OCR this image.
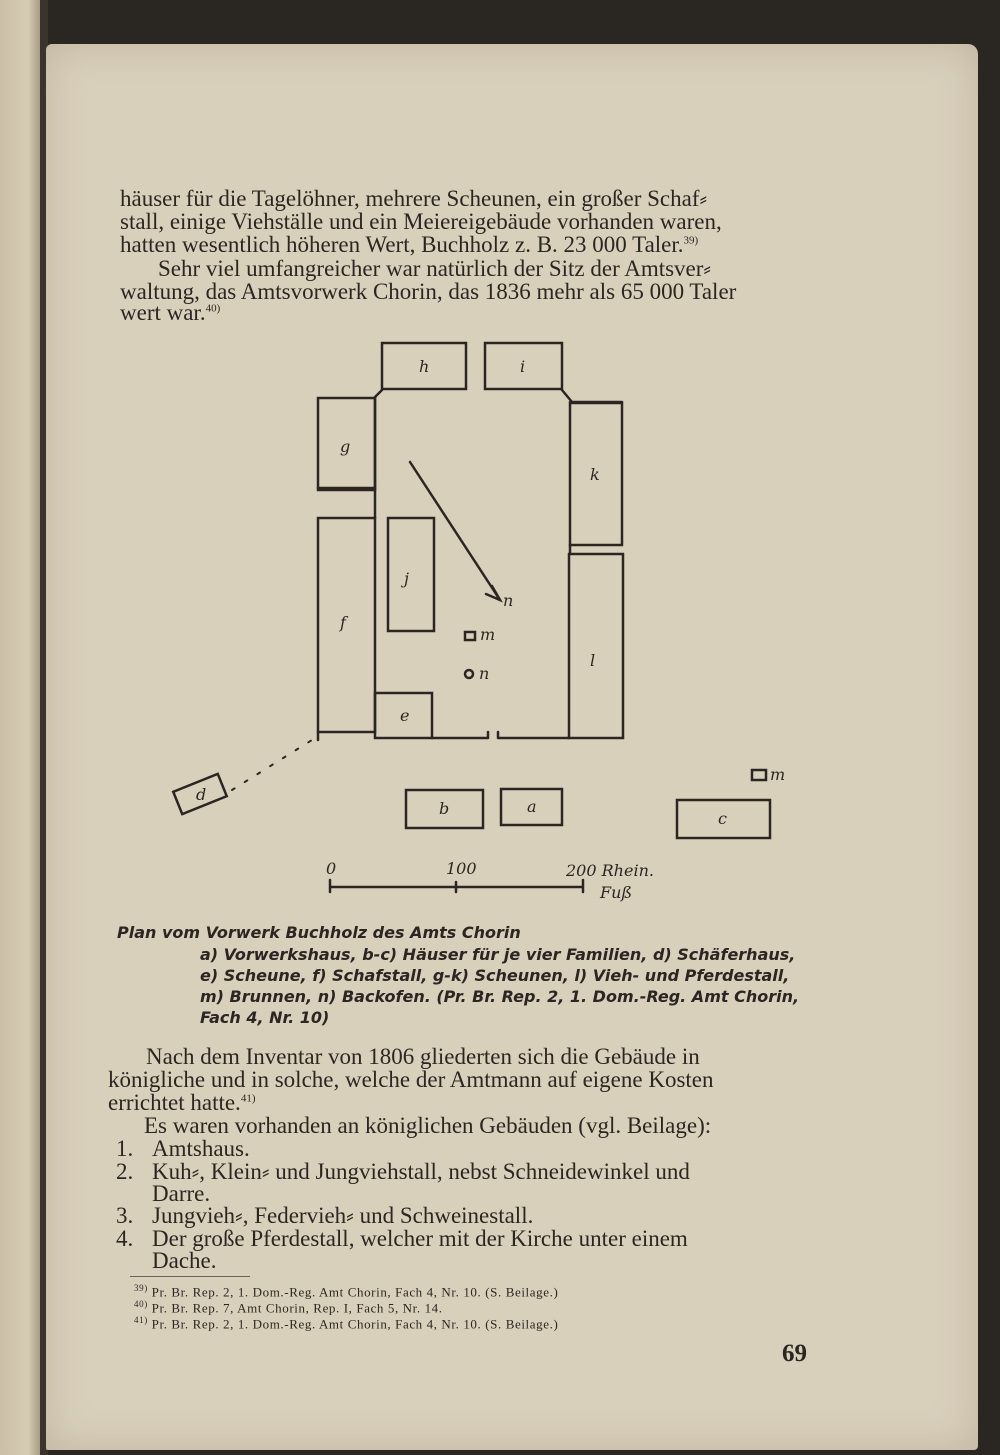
häuser für die Tagelöhner, mehrere Scheunen, ein großer Schaf⸗

stall, einige Viehställe und ein Meiereigebäude vorhanden waren,

hatten wesentlich höheren Wert, Buchholz z. B. 23 000 Taler.$^{39)}$

Sehr viel umfangreicher war natürlich der Sitz der Amtsver⸗

waltung, das Amtsvorwerk Chorin, das 1836 mehr als 65 000 Taler

wert war.$^{40)}$

h	i
g
k
j
f
l
n
m
n
e
d
b	a
c
m
0	100	200 Rhein.
Fuß

Plan vom Vorwerk Buchholz des Amts Chorin

a) Vorwerkshaus, b-c) Häuser für je vier Familien, d) Schäferhaus,

e) Scheune, f) Schafstall, g-k) Scheunen, l) Vieh- und Pferdestall,

m) Brunnen, n) Backofen. (Pr. Br. Rep. 2, 1. Dom.-Reg. Amt Chorin,

Fach 4, Nr. 10)

Nach dem Inventar von 1806 gliederten sich die Gebäude in

königliche und in solche, welche der Amtmann auf eigene Kosten

errichtet hatte.$^{41)}$

Es waren vorhanden an königlichen Gebäuden (vgl. Beilage):

1. Amtshaus.
2. Kuh⸗, Klein⸗ und Jungviehstall, nebst Schneidewinkel und
Darre.
3. Jungvieh⸗, Federvieh⸗ und Schweinestall.
4. Der große Pferdestall, welcher mit der Kirche unter einem
Dache.

$^{39)}$ Pr. Br. Rep. 2, 1. Dom.-Reg. Amt Chorin, Fach 4, Nr. 10. (S. Beilage.)

$^{40)}$ Pr. Br. Rep. 7, Amt Chorin, Rep. I, Fach 5, Nr. 14.

$^{41)}$ Pr. Br. Rep. 2, 1. Dom.-Reg. Amt Chorin, Fach 4, Nr. 10. (S. Beilage.)

69
